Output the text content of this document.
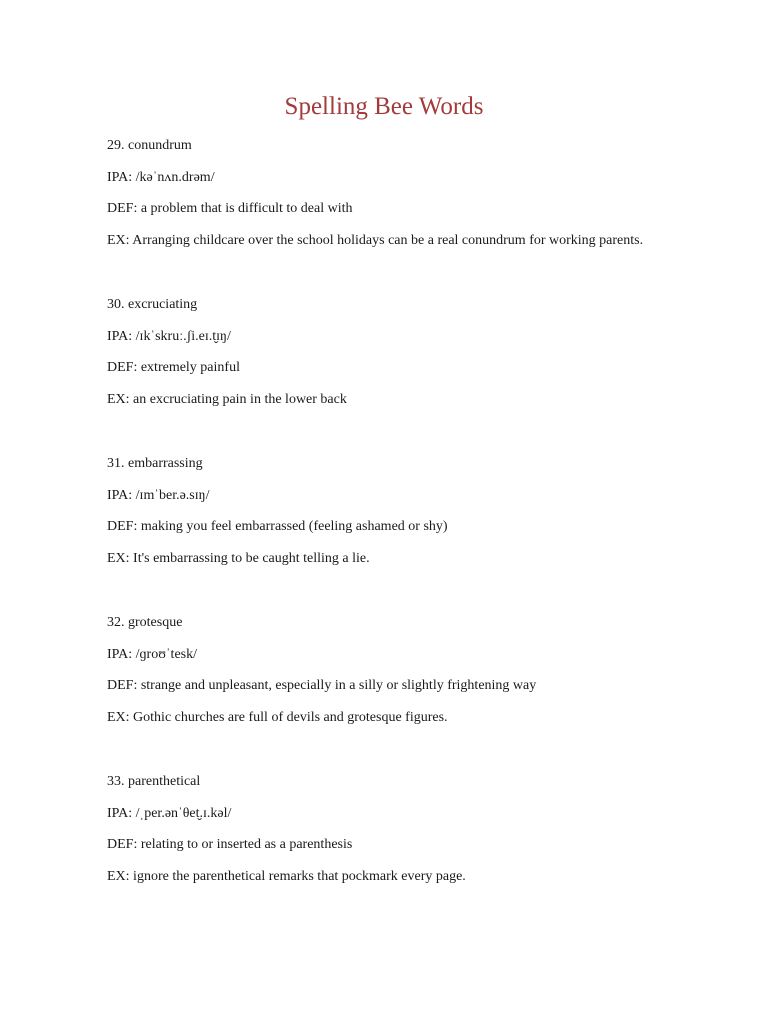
Spelling Bee Words
29. conundrum
IPA: /kəˈnʌn.drəm/
DEF: a problem that is difficult to deal with
EX: Arranging childcare over the school holidays can be a real conundrum for working parents.
30. excruciating
IPA: /ɪkˈskruː.ʃi.eɪ.t̬ɪŋ/
DEF: extremely painful
EX: an excruciating pain in the lower back
31. embarrassing
IPA: /ɪmˈber.ə.sɪŋ/
DEF: making you feel embarrassed (feeling ashamed or shy)
EX: It's embarrassing to be caught telling a lie.
32. grotesque
IPA: /ɡroʊˈtesk/
DEF: strange and unpleasant, especially in a silly or slightly frightening way
EX: Gothic churches are full of devils and grotesque figures.
33. parenthetical
IPA: /ˌper.ənˈθet̬.ɪ.kəl/
DEF: relating to or inserted as a parenthesis
EX: ignore the parenthetical remarks that pockmark every page.
